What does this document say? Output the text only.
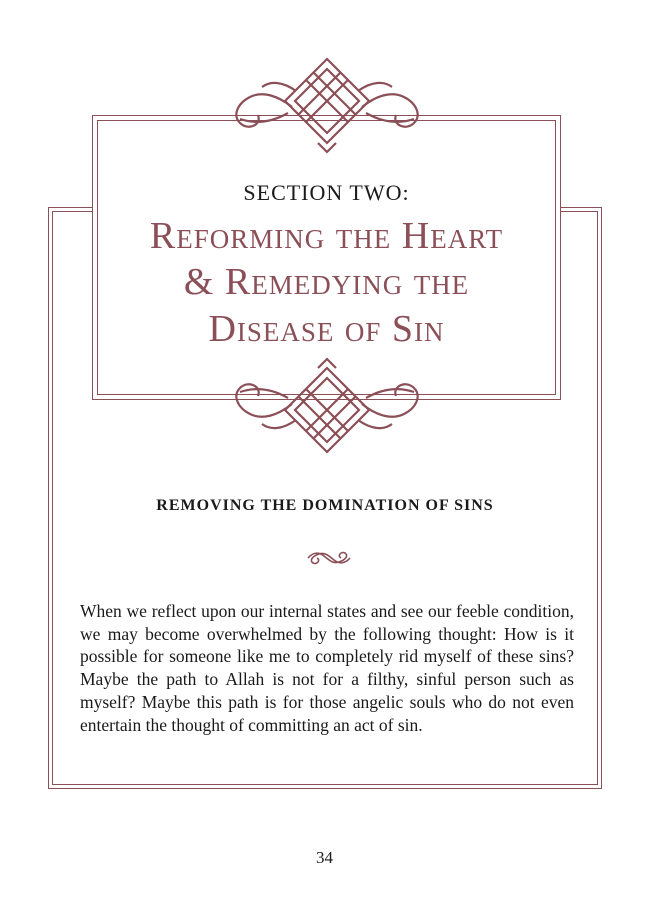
SECTION TWO:
Reforming the Heart
& Remedying the
Disease of Sin
REMOVING THE DOMINATION OF SINS
When we reflect upon our internal states and see our feeble condition, we may become overwhelmed by the following thought: How is it possible for someone like me to completely rid myself of these sins? Maybe the path to Allah is not for a filthy, sinful person such as myself? Maybe this path is for those angelic souls who do not even entertain the thought of committing an act of sin.
34
